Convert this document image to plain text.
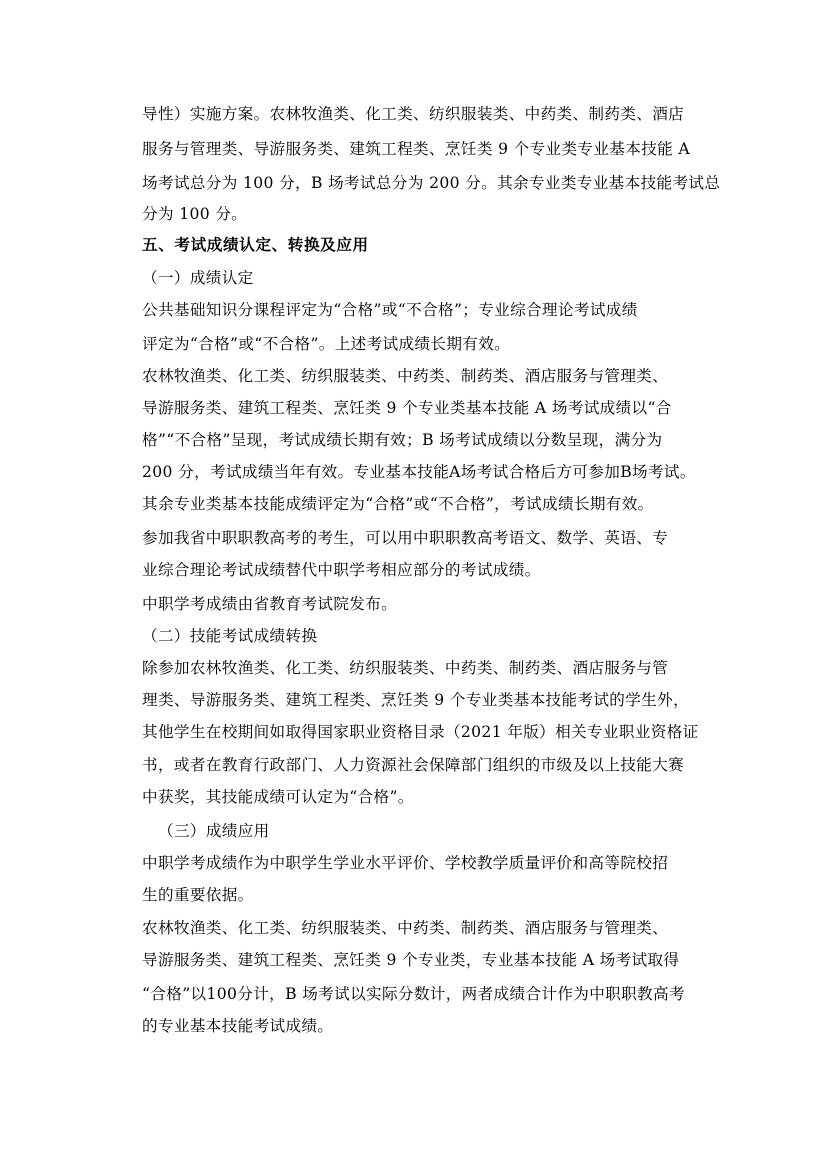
导性）实施方案。农林牧渔类、化工类、纺织服装类、中药类、制药类、酒店
服务与管理类、导游服务类、建筑工程类、烹饪类 9 个专业类专业基本技能 A
场考试总分为 100 分，B 场考试总分为 200 分。其余专业类专业基本技能考试总
分为 100 分。
五、考试成绩认定、转换及应用
（一）成绩认定
公共基础知识分课程评定为“合格”或“不合格”；专业综合理论考试成绩
评定为“合格”或“不合格”。上述考试成绩长期有效。
农林牧渔类、化工类、纺织服装类、中药类、制药类、酒店服务与管理类、
导游服务类、建筑工程类、烹饪类 9 个专业类基本技能 A 场考试成绩以“合
格”“不合格”呈现，考试成绩长期有效；B 场考试成绩以分数呈现，满分为
200 分，考试成绩当年有效。专业基本技能A场考试合格后方可参加B场考试。
其余专业类基本技能成绩评定为“合格”或“不合格”，考试成绩长期有效。
参加我省中职职教高考的考生，可以用中职职教高考语文、数学、英语、专
业综合理论考试成绩替代中职学考相应部分的考试成绩。
中职学考成绩由省教育考试院发布。
（二）技能考试成绩转换
除参加农林牧渔类、化工类、纺织服装类、中药类、制药类、酒店服务与管
理类、导游服务类、建筑工程类、烹饪类 9 个专业类基本技能考试的学生外，
其他学生在校期间如取得国家职业资格目录（2021 年版）相关专业职业资格证
书，或者在教育行政部门、人力资源社会保障部门组织的市级及以上技能大赛
中获奖，其技能成绩可认定为“合格”。
（三）成绩应用
中职学考成绩作为中职学生学业水平评价、学校教学质量评价和高等院校招
生的重要依据。
农林牧渔类、化工类、纺织服装类、中药类、制药类、酒店服务与管理类、
导游服务类、建筑工程类、烹饪类 9 个专业类，专业基本技能 A 场考试取得
“合格”以100分计，B 场考试以实际分数计，两者成绩合计作为中职职教高考
的专业基本技能考试成绩。
